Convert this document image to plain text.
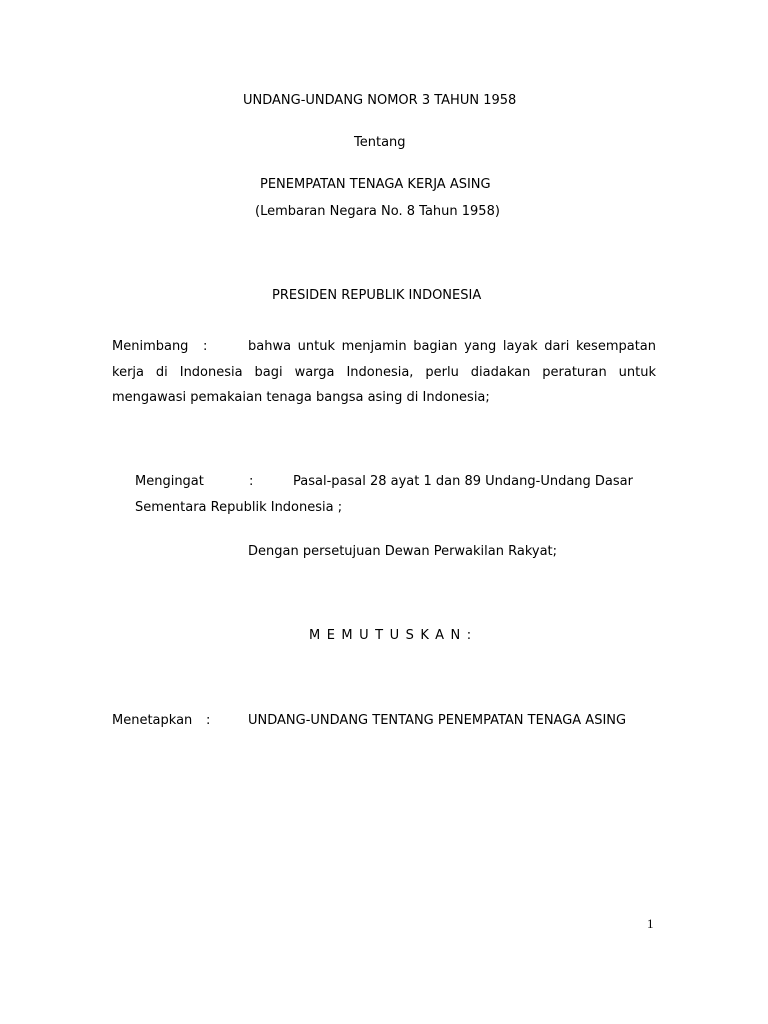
UNDANG-UNDANG NOMOR 3 TAHUN 1958
Tentang
PENEMPATAN TENAGA KERJA ASING
(Lembaran Negara No. 8 Tahun 1958)
PRESIDEN REPUBLIK INDONESIA
Menimbang :	bahwa untuk menjamin bagian yang layak dari kesempatan
kerja di Indonesia bagi warga Indonesia, perlu diadakan peraturan untuk
mengawasi pemakaian tenaga bangsa asing di Indonesia;
Mengingat	:	Pasal-pasal 28 ayat 1 dan 89 Undang-Undang Dasar
Sementara Republik Indonesia ;
Dengan persetujuan Dewan Perwakilan Rakyat;
MEMUTUSKAN:
Menetapkan :	UNDANG-UNDANG TENTANG PENEMPATAN TENAGA ASING
1
